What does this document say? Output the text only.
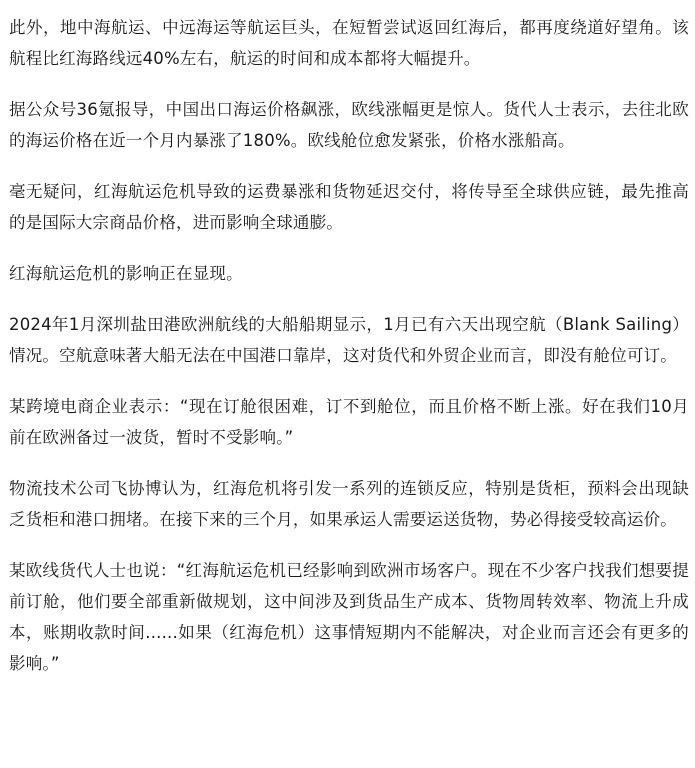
此外，地中海航运、中远海运等航运巨头，在短暂尝试返回红海后，都再度绕道好望角。该航程比红海路线远40%左右，航运的时间和成本都将大幅提升。

据公众号36氪报导，中国出口海运价格飙涨，欧线涨幅更是惊人。货代人士表示，去往北欧的海运价格在近一个月内暴涨了180%。欧线舱位愈发紧张，价格水涨船高。

毫无疑问，红海航运危机导致的运费暴涨和货物延迟交付，将传导至全球供应链，最先推高的是国际大宗商品价格，进而影响全球通膨。

红海航运危机的影响正在显现。

2024年1月深圳盐田港欧洲航线的大船船期显示，1月已有六天出现空航（Blank Sailing）情况。空航意味著大船无法在中国港口靠岸，这对货代和外贸企业而言，即没有舱位可订。

某跨境电商企业表示：“现在订舱很困难，订不到舱位，而且价格不断上涨。好在我们10月前在欧洲备过一波货，暂时不受影响。”

物流技术公司飞协博认为，红海危机将引发一系列的连锁反应，特别是货柜，预料会出现缺乏货柜和港口拥堵。在接下来的三个月，如果承运人需要运送货物，势必得接受较高运价。

某欧线货代人士也说：“红海航运危机已经影响到欧洲市场客户。现在不少客户找我们想要提前订舱，他们要全部重新做规划，这中间涉及到货品生产成本、货物周转效率、物流上升成本，账期收款时间......如果（红海危机）这事情短期内不能解决，对企业而言还会有更多的影响。”
